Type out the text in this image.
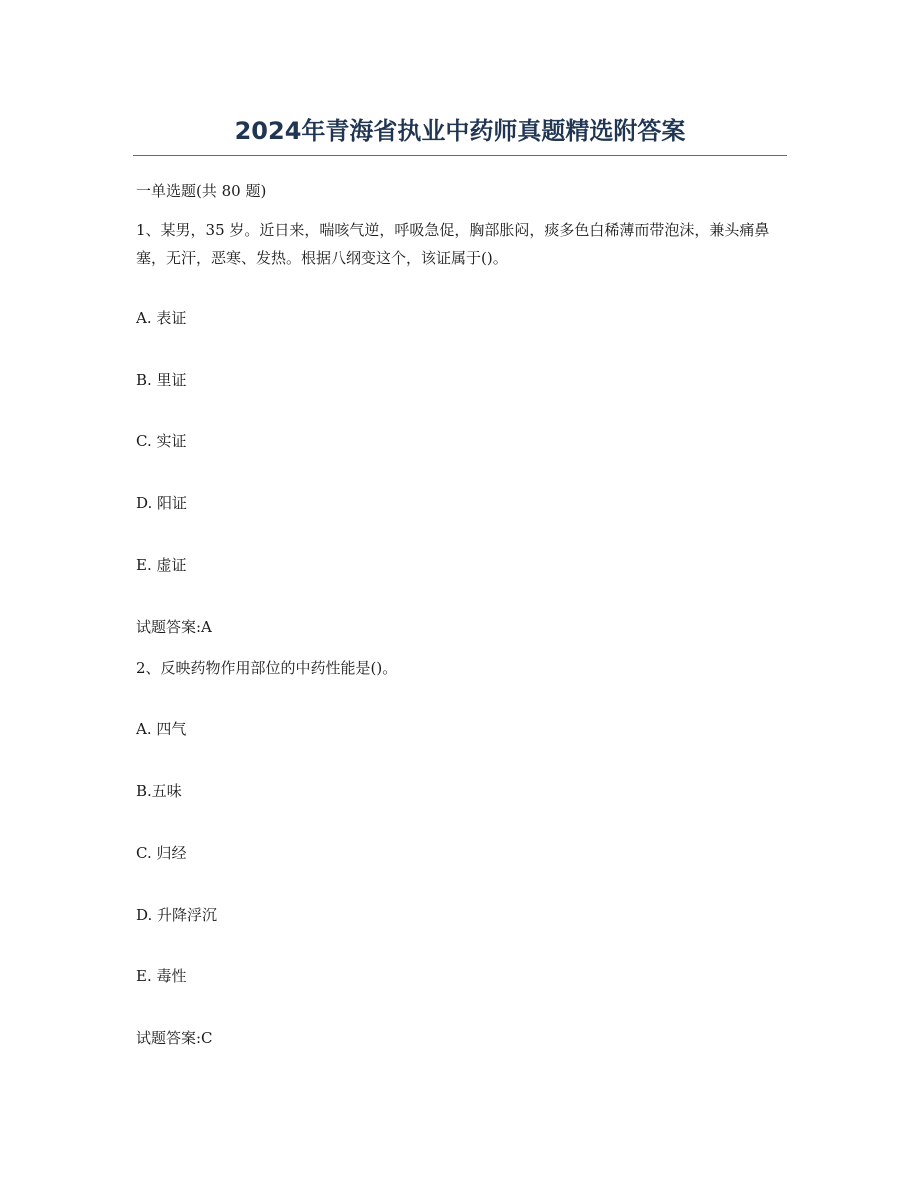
2024年青海省执业中药师真题精选附答案

一单选题(共 80 题)

1、某男，35 岁。近日来，喘咳气逆，呼吸急促，胸部胀闷，痰多色白稀薄而带泡沫，兼头痛鼻塞，无汗，恶寒、发热。根据八纲变这个，该证属于()。

A. 表证

B. 里证

C. 实证

D. 阳证

E. 虚证

试题答案:A

2、反映药物作用部位的中药性能是()。

A. 四气

B.五味

C. 归经

D. 升降浮沉

E. 毒性

试题答案:C
